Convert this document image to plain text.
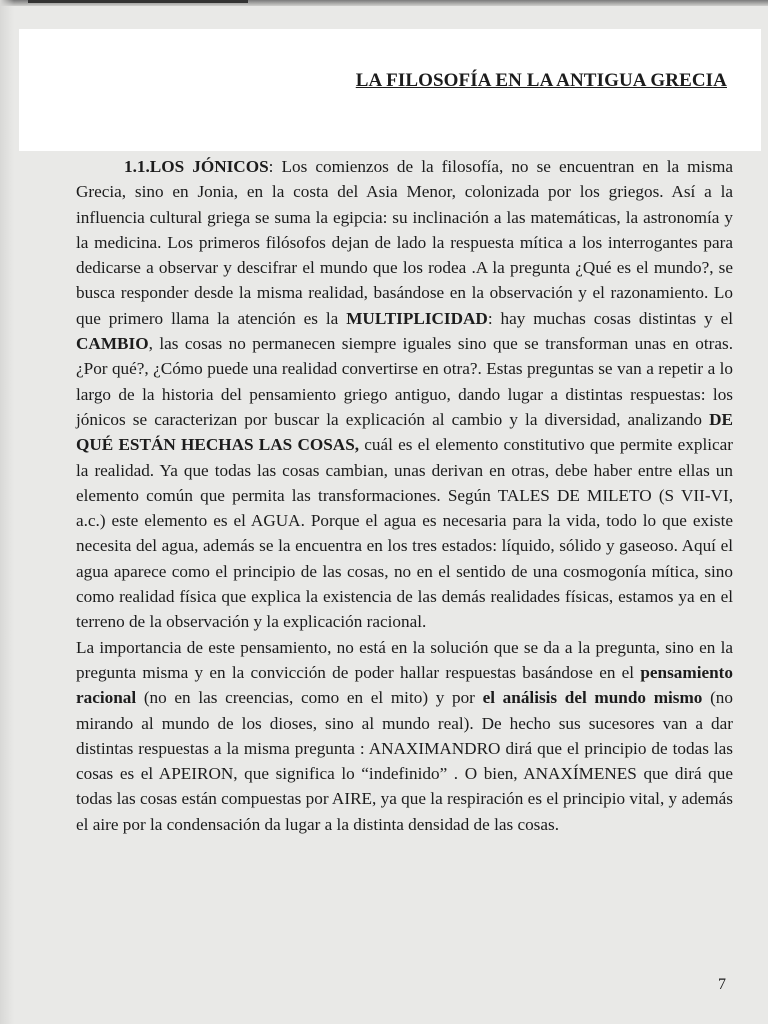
LA FILOSOFÍA EN LA ANTIGUA GRECIA

1.1.LOS JÓNICOS: Los comienzos de la filosofía, no se encuentran en la misma Grecia, sino en Jonia, en la costa del Asia Menor, colonizada por los griegos. Así a la influencia cultural griega se suma la egipcia: su inclinación a las matemáticas, la astronomía y la medicina. Los primeros filósofos dejan de lado la respuesta mítica a los interrogantes para dedicarse a observar y descifrar el mundo que los rodea .A la pregunta ¿Qué es el mundo?, se busca responder desde la misma realidad, basándose en la observación y el razonamiento. Lo que primero llama la atención es la MULTIPLICIDAD: hay muchas cosas distintas y el CAMBIO, las cosas no permanecen siempre iguales sino que se transforman unas en otras. ¿Por qué?, ¿Cómo puede una realidad convertirse en otra?. Estas preguntas se van a repetir a lo largo de la historia del pensamiento griego antiguo, dando lugar a distintas respuestas: los jónicos se caracterizan por buscar la explicación al cambio y la diversidad, analizando DE QUÉ ESTÁN HECHAS LAS COSAS, cuál es el elemento constitutivo que permite explicar la realidad. Ya que todas las cosas cambian, unas derivan en otras, debe haber entre ellas un elemento común que permita las transformaciones. Según TALES DE MILETO (S VII-VI, a.c.) este elemento es el AGUA. Porque el agua es necesaria para la vida, todo lo que existe necesita del agua, además se la encuentra en los tres estados: líquido, sólido y gaseoso. Aquí el agua aparece como el principio de las cosas, no en el sentido de una cosmogonía mítica, sino como realidad física que explica la existencia de las demás realidades físicas, estamos ya en el terreno de la observación y la explicación racional.

La importancia de este pensamiento, no está en la solución que se da a la pregunta, sino en la pregunta misma y en la convicción de poder hallar respuestas basándose en el pensamiento racional (no en las creencias, como en el mito) y por el análisis del mundo mismo (no mirando al mundo de los dioses, sino al mundo real). De hecho sus sucesores van a dar distintas respuestas a la misma pregunta : ANAXIMANDRO dirá que el principio de todas las cosas es el APEIRON, que significa lo “indefinido” . O bien, ANAXÍMENES que dirá que todas las cosas están compuestas por AIRE, ya que la respiración es el principio vital, y además el aire por la condensación da lugar a la distinta densidad de las cosas.

7
